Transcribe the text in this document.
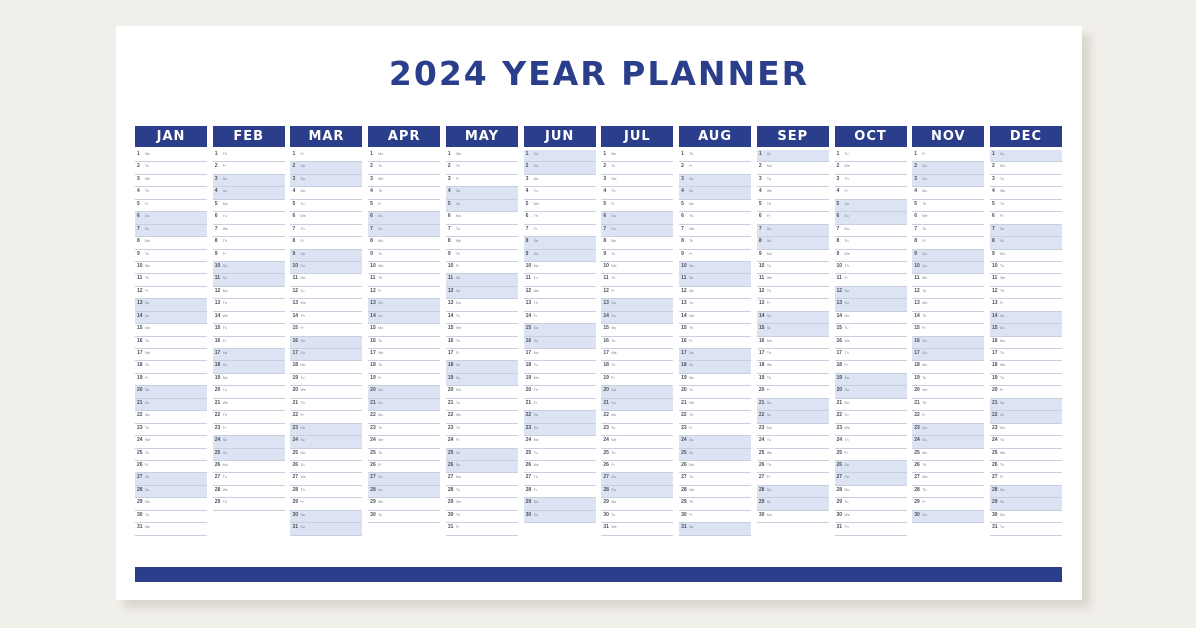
2024 YEAR PLANNER
JAN
1 Mo
2 Tu
3 We
4 Th
5 Fr
6 Sa
7 Su
8 Mo
9 Tu
10 We
11 Th
12 Fr
13 Sa
14 Su
15 Mo
16 Tu
17 We
18 Th
19 Fr
20 Sa
21 Su
22 Mo
23 Tu
24 We
25 Th
26 Fr
27 Sa
28 Su
29 Mo
30 Tu
31 We
FEB
1 Th
2 Fr
3 Sa
4 Su
5 Mo
6 Tu
7 We
8 Th
9 Fr
10 Sa
11 Su
12 Mo
13 Tu
14 We
15 Th
16 Fr
17 Sa
18 Su
19 Mo
20 Tu
21 We
22 Th
23 Fr
24 Sa
25 Su
26 Mo
27 Tu
28 We
29 Th
MAR
1 Fr
2 Sa
3 Su
4 Mo
5 Tu
6 We
7 Th
8 Fr
9 Sa
10 Su
11 Mo
12 Tu
13 We
14 Th
15 Fr
16 Sa
17 Su
18 Mo
19 Tu
20 We
21 Th
22 Fr
23 Sa
24 Su
25 Mo
26 Tu
27 We
28 Th
29 Fr
30 Sa
31 Su
APR
1 Mo
2 Tu
3 We
4 Th
5 Fr
6 Sa
7 Su
8 Mo
9 Tu
10 We
11 Th
12 Fr
13 Sa
14 Su
15 Mo
16 Tu
17 We
18 Th
19 Fr
20 Sa
21 Su
22 Mo
23 Tu
24 We
25 Th
26 Fr
27 Sa
28 Su
29 Mo
30 Tu
MAY
1 We
2 Th
3 Fr
4 Sa
5 Su
6 Mo
7 Tu
8 We
9 Th
10 Fr
11 Sa
12 Su
13 Mo
14 Tu
15 We
16 Th
17 Fr
18 Sa
19 Su
20 Mo
21 Tu
22 We
23 Th
24 Fr
25 Sa
26 Su
27 Mo
28 Tu
29 We
30 Th
31 Fr
JUN
1 Sa
2 Su
3 Mo
4 Tu
5 We
6 Th
7 Fr
8 Sa
9 Su
10 Mo
11 Tu
12 We
13 Th
14 Fr
15 Sa
16 Su
17 Mo
18 Tu
19 We
20 Th
21 Fr
22 Sa
23 Su
24 Mo
25 Tu
26 We
27 Th
28 Fr
29 Sa
30 Su
JUL
1 Mo
2 Tu
3 We
4 Th
5 Fr
6 Sa
7 Su
8 Mo
9 Tu
10 We
11 Th
12 Fr
13 Sa
14 Su
15 Mo
16 Tu
17 We
18 Th
19 Fr
20 Sa
21 Su
22 Mo
23 Tu
24 We
25 Th
26 Fr
27 Sa
28 Su
29 Mo
30 Tu
31 We
AUG
1 Th
2 Fr
3 Sa
4 Su
5 Mo
6 Tu
7 We
8 Th
9 Fr
10 Sa
11 Su
12 Mo
13 Tu
14 We
15 Th
16 Fr
17 Sa
18 Su
19 Mo
20 Tu
21 We
22 Th
23 Fr
24 Sa
25 Su
26 Mo
27 Tu
28 We
29 Th
30 Fr
31 Sa
SEP
1 Su
2 Mo
3 Tu
4 We
5 Th
6 Fr
7 Sa
8 Su
9 Mo
10 Tu
11 We
12 Th
13 Fr
14 Sa
15 Su
16 Mo
17 Tu
18 We
19 Th
20 Fr
21 Sa
22 Su
23 Mo
24 Tu
25 We
26 Th
27 Fr
28 Sa
29 Su
30 Mo
OCT
1 Tu
2 We
3 Th
4 Fr
5 Sa
6 Su
7 Mo
8 Tu
9 We
10 Th
11 Fr
12 Sa
13 Su
14 Mo
15 Tu
16 We
17 Th
18 Fr
19 Sa
20 Su
21 Mo
22 Tu
23 We
24 Th
25 Fr
26 Sa
27 Su
28 Mo
29 Tu
30 We
31 Th
NOV
1 Fr
2 Sa
3 Su
4 Mo
5 Tu
6 We
7 Th
8 Fr
9 Sa
10 Su
11 Mo
12 Tu
13 We
14 Th
15 Fr
16 Sa
17 Su
18 Mo
19 Tu
20 We
21 Th
22 Fr
23 Sa
24 Su
25 Mo
26 Tu
27 We
28 Th
29 Fr
30 Sa
DEC
1 Su
2 Mo
3 Tu
4 We
5 Th
6 Fr
7 Sa
8 Su
9 Mo
10 Tu
11 We
12 Th
13 Fr
14 Sa
15 Su
16 Mo
17 Tu
18 We
19 Th
20 Fr
21 Sa
22 Su
23 Mo
24 Tu
25 We
26 Th
27 Fr
28 Sa
29 Su
30 Mo
31 Tu
